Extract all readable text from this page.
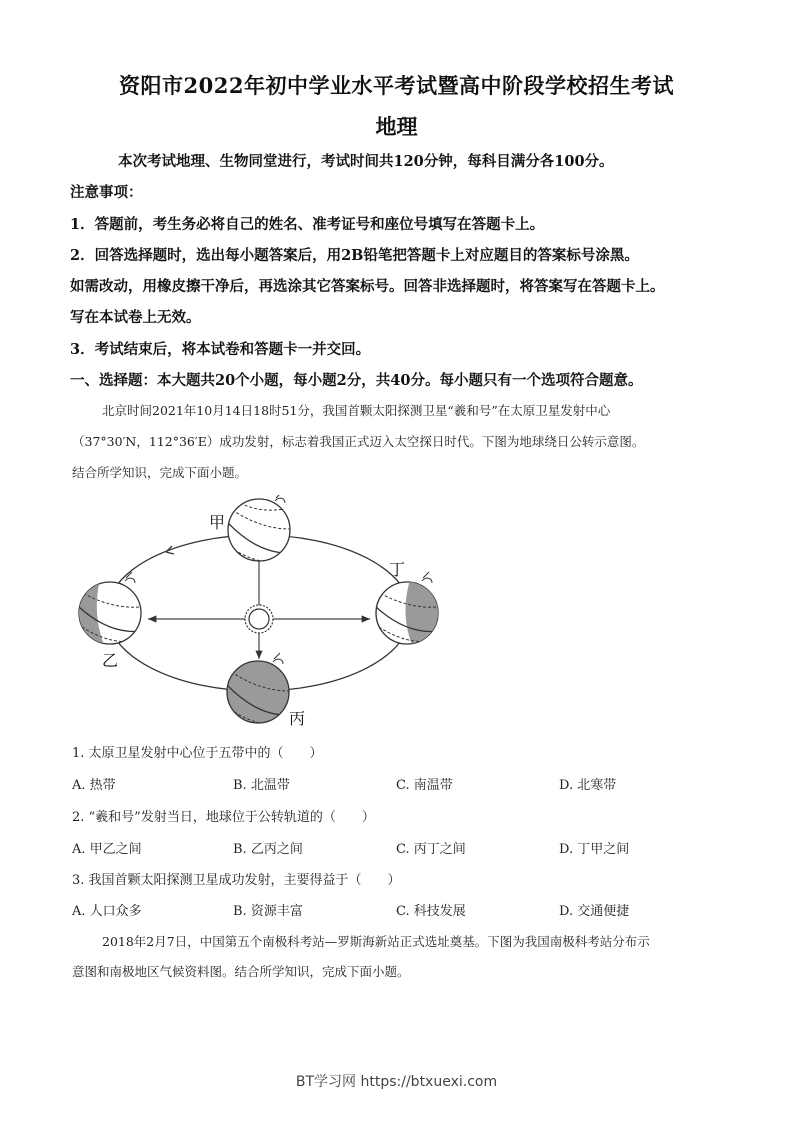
资阳市2022年初中学业水平考试暨高中阶段学校招生考试
地理
本次考试地理、生物同堂进行，考试时间共120分钟，每科目满分各100分。
注意事项：
1．答题前，考生务必将自己的姓名、准考证号和座位号填写在答题卡上。
2．回答选择题时，选出每小题答案后，用2B铅笔把答题卡上对应题目的答案标号涂黑。
如需改动，用橡皮擦干净后，再选涂其它答案标号。回答非选择题时，将答案写在答题卡上。
写在本试卷上无效。
3．考试结束后，将本试卷和答题卡一并交回。
一、选择题：本大题共20个小题，每小题2分，共40分。每小题只有一个选项符合题意。
北京时间2021年10月14日18时51分，我国首颗太阳探测卫星“羲和号”在太原卫星发射中心
（37°30′N，112°36′E）成功发射，标志着我国正式迈入太空探日时代。下图为地球绕日公转示意图。
结合所学知识，完成下面小题。
甲
乙
丙
丁
1. 太原卫星发射中心位于五带中的（　　）
A. 热带	B. 北温带	C. 南温带	D. 北寒带
2. “羲和号”发射当日，地球位于公转轨道的（　　）
A. 甲乙之间	B. 乙丙之间	C. 丙丁之间	D. 丁甲之间
3. 我国首颗太阳探测卫星成功发射，主要得益于（　　）
A. 人口众多	B. 资源丰富	C. 科技发展	D. 交通便捷
2018年2月7日，中国第五个南极科考站—罗斯海新站正式选址奠基。下图为我国南极科考站分布示
意图和南极地区气候资料图。结合所学知识，完成下面小题。
BT学习网 https://btxuexi.com
